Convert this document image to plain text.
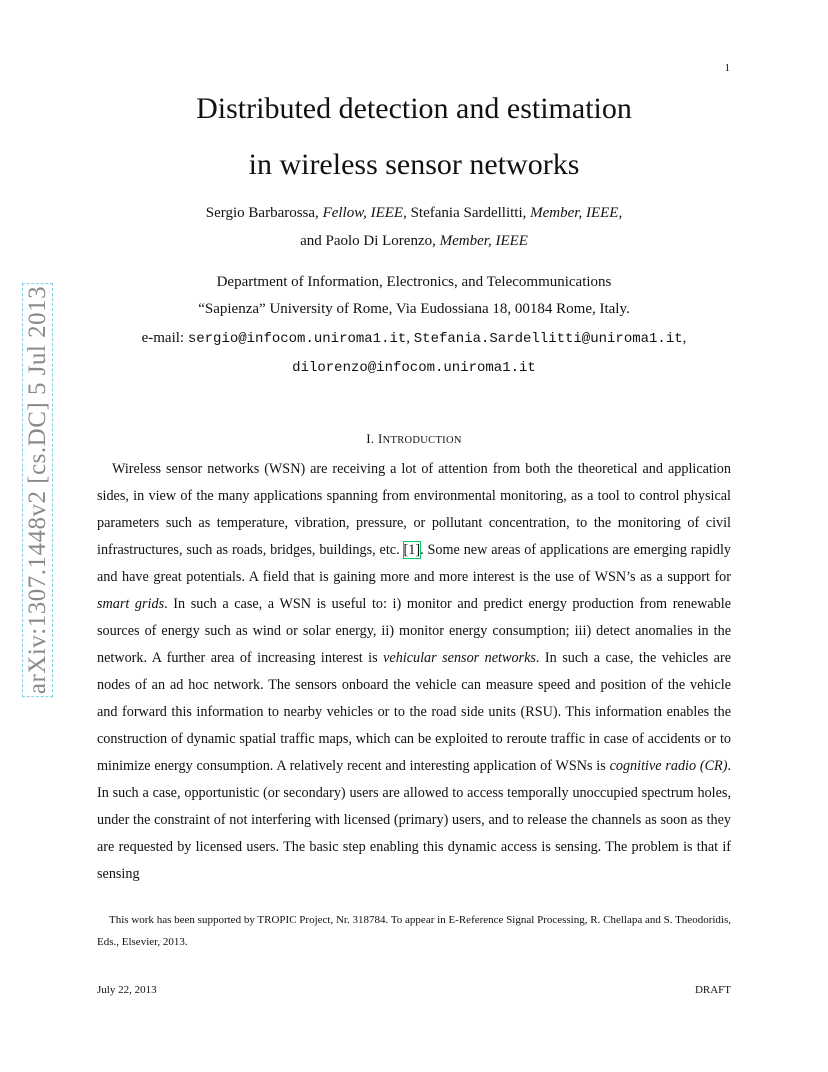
1
arXiv:1307.1448v2 [cs.DC] 5 Jul 2013
Distributed detection and estimation
in wireless sensor networks
Sergio Barbarossa, Fellow, IEEE, Stefania Sardellitti, Member, IEEE,
and Paolo Di Lorenzo, Member, IEEE
Department of Information, Electronics, and Telecommunications
“Sapienza” University of Rome, Via Eudossiana 18, 00184 Rome, Italy.
e-mail: sergio@infocom.uniroma1.it, Stefania.Sardellitti@uniroma1.it,
dilorenzo@infocom.uniroma1.it
I. INTRODUCTION

Wireless sensor networks (WSN) are receiving a lot of attention from both the theoretical and application sides, in view of the many applications spanning from environmental monitoring, as a tool to control physical parameters such as temperature, vibration, pressure, or pollutant concentration, to the monitoring of civil infrastructures, such as roads, bridges, buildings, etc. [1]. Some new areas of applications are emerging rapidly and have great potentials. A field that is gaining more and more interest is the use of WSN’s as a support for smart grids. In such a case, a WSN is useful to: i) monitor and predict energy production from renewable sources of energy such as wind or solar energy, ii) monitor energy consumption; iii) detect anomalies in the network. A further area of increasing interest is vehicular sensor networks. In such a case, the vehicles are nodes of an ad hoc network. The sensors onboard the vehicle can measure speed and position of the vehicle and forward this information to nearby vehicles or to the road side units (RSU). This information enables the construction of dynamic spatial traffic maps, which can be exploited to reroute traffic in case of accidents or to minimize energy consumption. A relatively recent and interesting application of WSNs is cognitive radio (CR). In such a case, opportunistic (or secondary) users are allowed to access temporally unoccupied spectrum holes, under the constraint of not interfering with licensed (primary) users, and to release the channels as soon as they are requested by licensed users. The basic step enabling this dynamic access is sensing. The problem is that if sensing

This work has been supported by TROPIC Project, Nr. 318784. To appear in E-Reference Signal Processing, R. Chellapa and S. Theodoridis, Eds., Elsevier, 2013.

July 22, 2013	DRAFT
